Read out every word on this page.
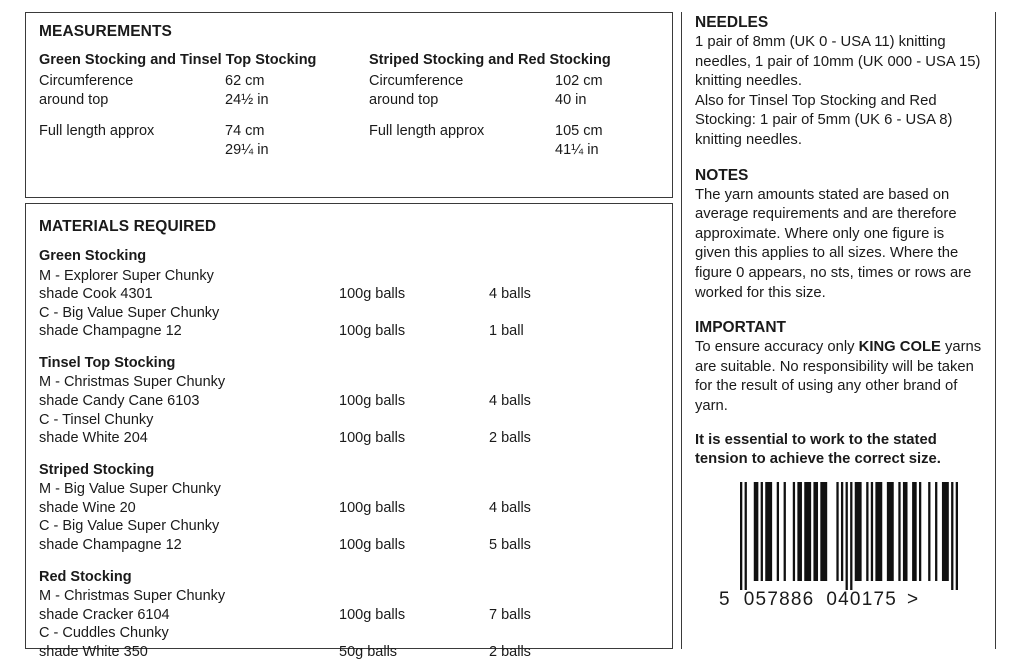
MEASUREMENTS
Green Stocking and Tinsel Top Stocking
Circumference	62 cm
around top	24½ in
Full length approx	74 cm
29¼ in
Striped Stocking and Red Stocking
Circumference	102 cm
around top	40 in
Full length approx	105 cm
41¼ in
MATERIALS REQUIRED
Green Stocking
M - Explorer Super Chunky
shade Cook 4301	100g balls	4 balls
C - Big Value Super Chunky
shade Champagne 12	100g balls	1 ball
Tinsel Top Stocking
M - Christmas Super Chunky
shade Candy Cane 6103	100g balls	4 balls
C - Tinsel Chunky
shade White 204	100g balls	2 balls
Striped Stocking
M - Big Value Super Chunky
shade Wine 20	100g balls	4 balls
C - Big Value Super Chunky
shade Champagne 12	100g balls	5 balls
Red Stocking
M - Christmas Super Chunky
shade Cracker 6104	100g balls	7 balls
C - Cuddles Chunky
shade White 350	50g balls	2 balls
NEEDLES
1 pair of 8mm (UK 0 - USA 11) knitting needles, 1 pair of 10mm (UK 000 - USA 15) knitting needles.
Also for Tinsel Top Stocking and Red Stocking: 1 pair of 5mm (UK 6 - USA 8) knitting needles.
NOTES
The yarn amounts stated are based on average requirements and are therefore approximate. Where only one figure is given this applies to all sizes. Where the figure 0 appears, no sts, times or rows are worked for this size.
IMPORTANT
To ensure accuracy only KING COLE yarns are suitable. No responsibility will be taken for the result of using any other brand of yarn.
It is essential to work to the stated tension to achieve the correct size.
5 057886 040175 >
